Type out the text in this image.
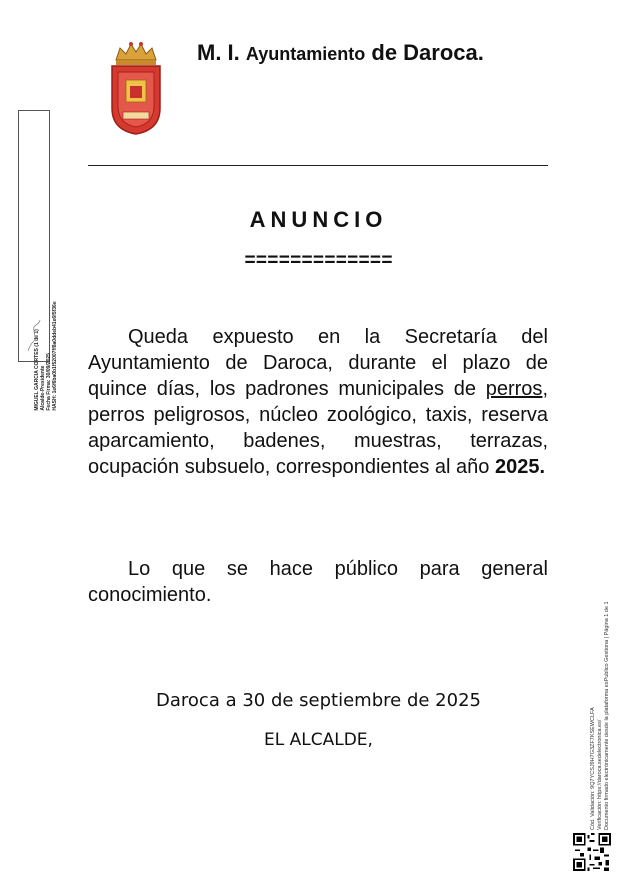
M. I. Ayuntamiento de Daroca.
ANUNCIO
=============
Queda expuesto en la Secretaría del Ayuntamiento de Daroca, durante el plazo de quince días, los padrones municipales de perros, perros peligrosos, núcleo zoológico, taxis, reserva aparcamiento, badenes, muestras, terrazas, ocupación subsuelo, correspondientes al año 2025.
Lo que se hace público para general conocimiento.
Daroca a 30 de septiembre de 2025
EL ALCALDE,
MIGUEL GARCIA CORTES (1 de 1) Alcalde-Presidente Fecha Firma: 30/09/2025 HASH: 1e6f6ba0b1f52007ff8a0ddeb41e6f5f36e
Cód. Validación: 9Q7YCSJ9H7G3ZF7KSEWCLFA Verificación: https://daroca.sedelectronica.es/ Documento firmado electrónicamente desde la plataforma esPublico Gestiona | Página 1 de 1
